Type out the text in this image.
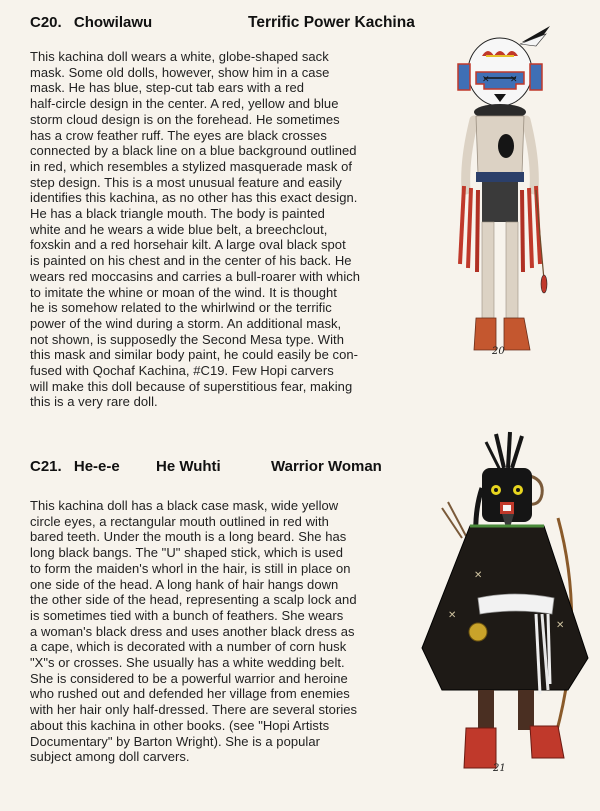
C20. Chowilawu	Terrific Power Kachina
This kachina doll wears a white, globe-shaped sack
mask. Some old dolls, however, show him in a case
mask. He has blue, step-cut tab ears with a red
half-circle design in the center. A red, yellow and blue
storm cloud design is on the forehead. He sometimes
has a crow feather ruff. The eyes are black crosses
connected by a black line on a blue background outlined
in red, which resembles a stylized masquerade mask of
step design. This is a most unusual feature and easily
identifies this kachina, as no other has this exact design.
He has a black triangle mouth. The body is painted
white and he wears a wide blue belt, a breechclout,
foxskin and a red horsehair kilt. A large oval black spot
is painted on his chest and in the center of his back. He
wears red moccasins and carries a bull-roarer with which
to imitate the whine or moan of the wind. It is thought
he is somehow related to the whirlwind or the terrific
power of the wind during a storm. An additional mask,
not shown, is supposedly the Second Mesa type. With
this mask and similar body paint, he could easily be con-
fused with Qochaf Kachina, #C19. Few Hopi carvers
will make this doll because of superstitious fear, making
this is a very rare doll.
✕ ✕
20
C21. He-e-e He Wuhti	Warrior Woman
This kachina doll has a black case mask, wide yellow
circle eyes, a rectangular mouth outlined in red with
bared teeth. Under the mouth is a long beard. She has
long black bangs. The "U" shaped stick, which is used
to form the maiden's whorl in the hair, is still in place on
one side of the head. A long hank of hair hangs down
the other side of the head, representing a scalp lock and
is sometimes tied with a bunch of feathers. She wears
a woman's black dress and uses another black dress as
a cape, which is decorated with a number of corn husk
"X"s or crosses. She usually has a white wedding belt.
She is considered to be a powerful warrior and heroine
who rushed out and defended her village from enemies
with her hair only half-dressed. There are several stories
about this kachina in other books. (see "Hopi Artists
Documentary" by Barton Wright). She is a popular
subject among doll carvers.
✕
✕
✕
21
